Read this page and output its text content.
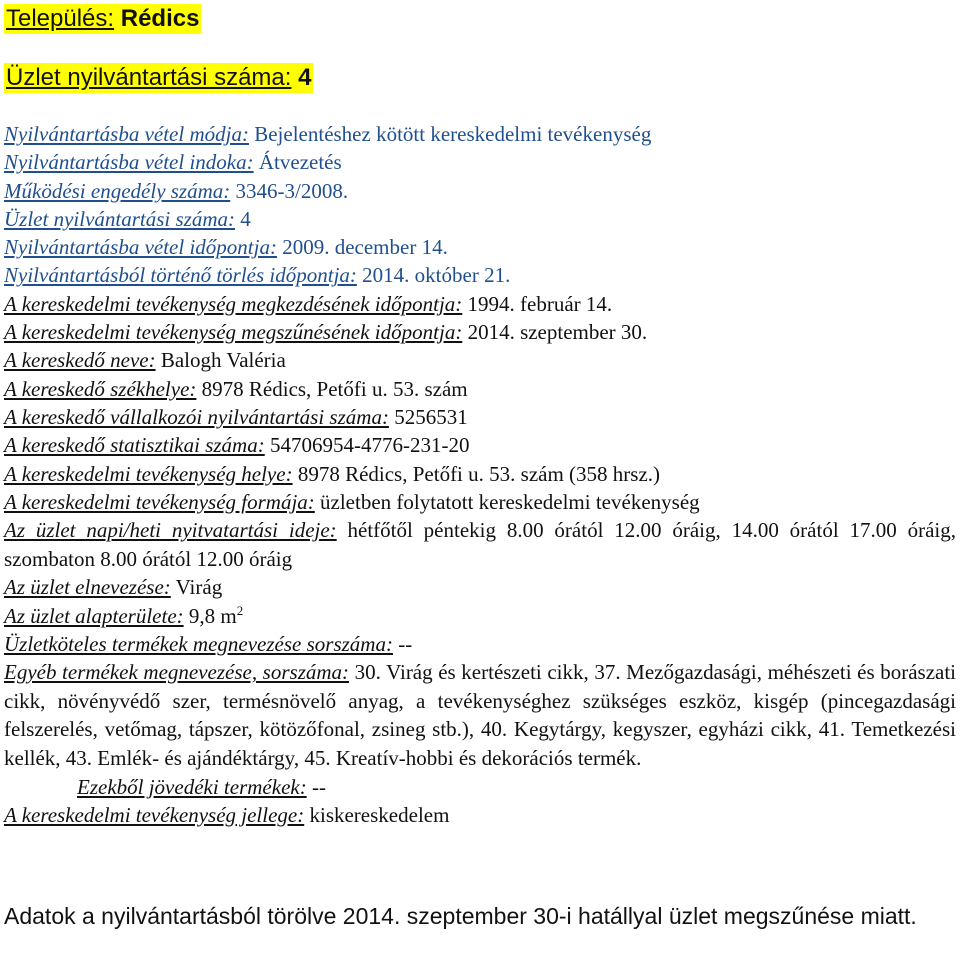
Település: Rédics
Üzlet nyilvántartási száma: 4
Nyilvántartásba vétel módja: Bejelentéshez kötött kereskedelmi tevékenység
Nyilvántartásba vétel indoka: Átvezetés
Működési engedély száma: 3346-3/2008.
Üzlet nyilvántartási száma: 4
Nyilvántartásba vétel időpontja: 2009. december 14.
Nyilvántartásból történő törlés időpontja: 2014. október 21.
A kereskedelmi tevékenység megkezdésének időpontja: 1994. február 14.
A kereskedelmi tevékenység megszűnésének időpontja: 2014. szeptember 30.
A kereskedő neve: Balogh Valéria
A kereskedő székhelye: 8978 Rédics, Petőfi u. 53. szám
A kereskedő vállalkozói nyilvántartási száma: 5256531
A kereskedő statisztikai száma: 54706954-4776-231-20
A kereskedelmi tevékenység helye: 8978 Rédics, Petőfi u. 53. szám (358 hrsz.)
A kereskedelmi tevékenység formája: üzletben folytatott kereskedelmi tevékenység
Az üzlet napi/heti nyitvatartási ideje: hétfőtől péntekig 8.00 órától 12.00 óráig, 14.00 órától 17.00 óráig, szombaton 8.00 órától 12.00 óráig
Az üzlet elnevezése: Virág
Az üzlet alapterülete: 9,8 $m^2$
Üzletköteles termékek megnevezése sorszáma: --
Egyéb termékek megnevezése, sorszáma: 30. Virág és kertészeti cikk, 37. Mezőgazdasági, méhészeti és borászati cikk, növényvédő szer, termésnövelő anyag, a tevékenységhez szükséges eszköz, kisgép (pincegazdasági felszerelés, vetőmag, tápszer, kötözőfonal, zsineg stb.), 40. Kegytárgy, kegyszer, egyházi cikk, 41. Temetkezési kellék, 43. Emlék- és ajándéktárgy, 45. Kreatív-hobbi és dekorációs termék.
Ezekből jövedéki termékek: --
A kereskedelmi tevékenység jellege: kiskereskedelem
Adatok a nyilvántartásból törölve 2014. szeptember 30-i hatállyal üzlet megszűnése miatt.
